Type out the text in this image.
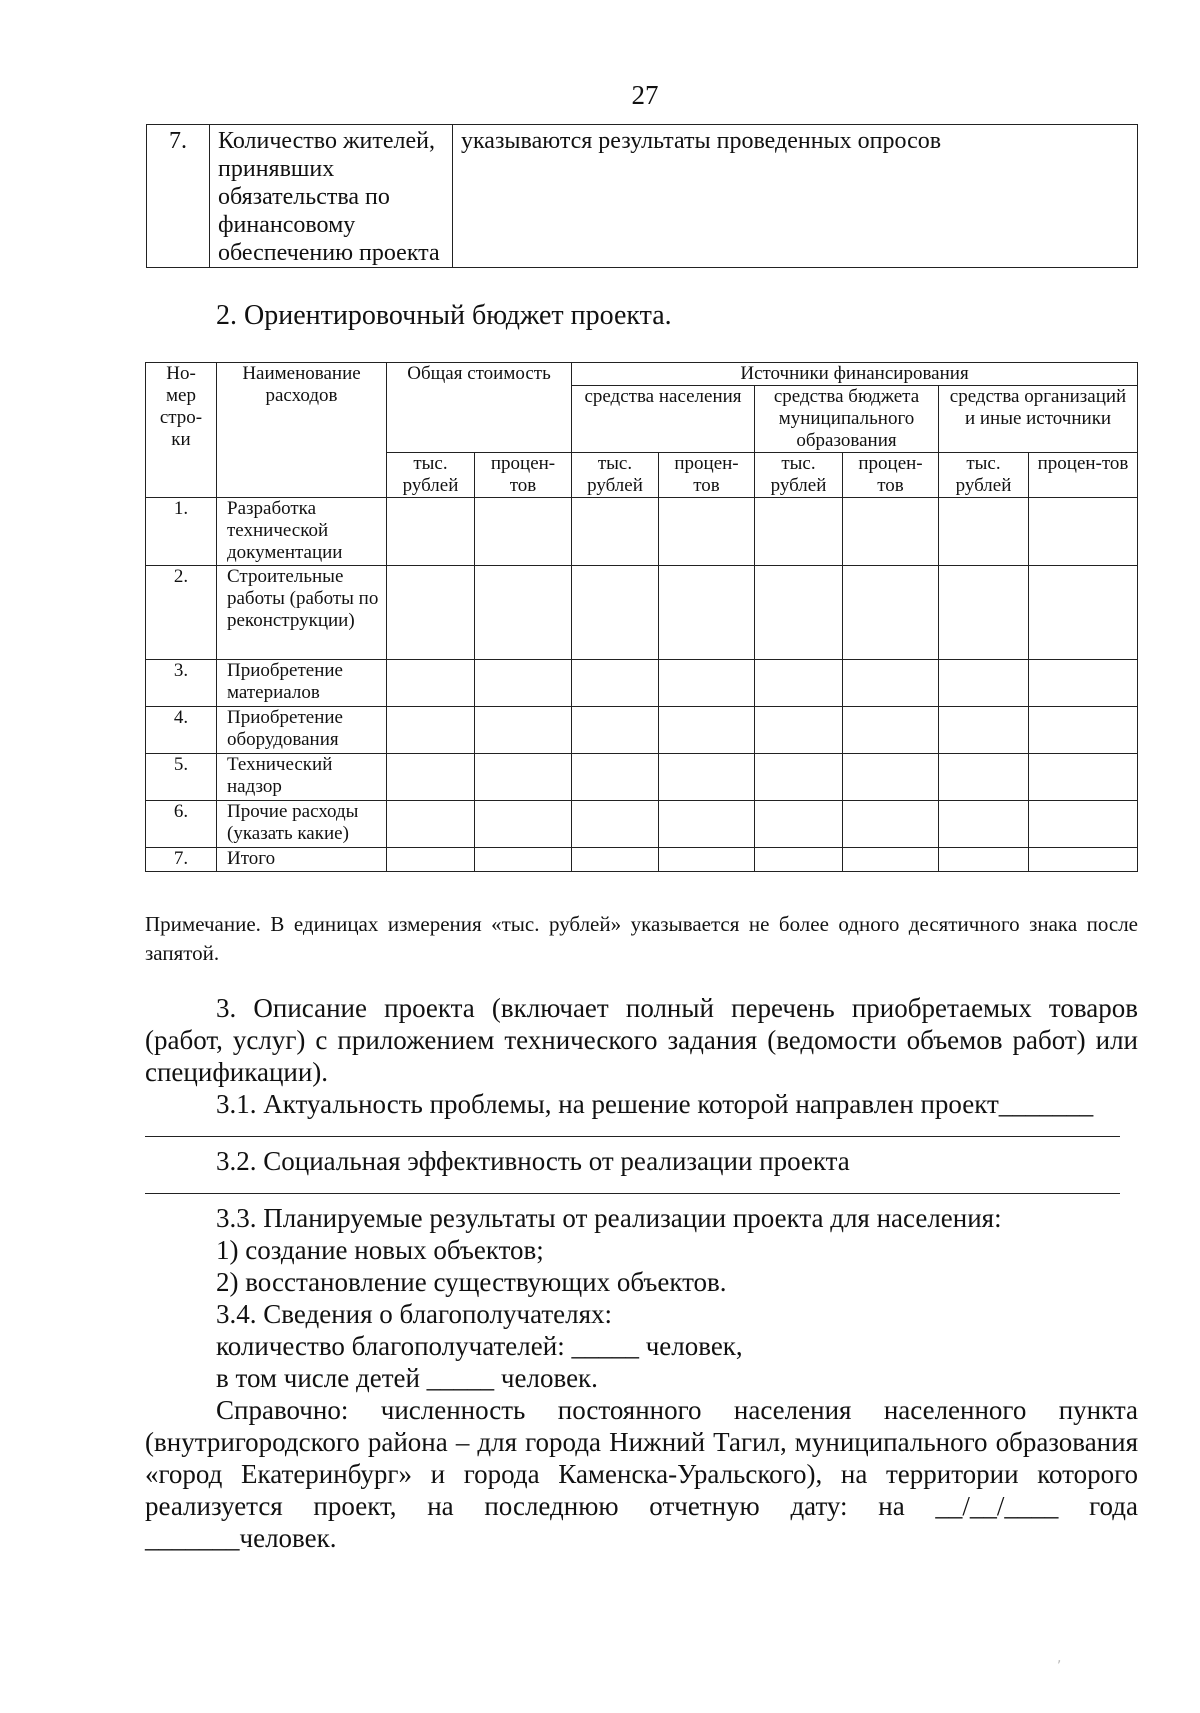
27
7.	Количество жителей, принявших обязательства по финансовому обеспечению проекта	указываются результаты проведенных опросов
2. Ориентировочный бюджет проекта.
Но-мер стро-ки	Наименование расходов	Общая стоимость		Источники финансирования					
				средства населения		средства бюджета муниципального образования		средства организаций и иные источники	
		тыс. рублей	процен-тов	тыс. рублей	процен-тов	тыс. рублей	процен-тов	тыс. рублей	процен-тов
1.	Разработка технической документации								
2.	Строительные работы (работы по реконструкции)								
3.	Приобретение материалов								
4.	Приобретение оборудования								
5.	Технический надзор								
6.	Прочие расходы (указать какие)								
7.	Итого								
Примечание. В единицах измерения «тыс. рублей» указывается не более одного десятичного знака после запятой.

3. Описание проекта (включает полный перечень приобретаемых товаров (работ, услуг) с приложением технического задания (ведомости объемов работ) или спецификации).

3.1. Актуальность проблемы, на решение которой направлен проект_______

3.2. Социальная эффективность от реализации проекта

3.3. Планируемые результаты от реализации проекта для населения:

1) создание новых объектов;

2) восстановление существующих объектов.

3.4. Сведения о благополучателях:

количество благополучателей: _____ человек,

в том числе детей _____ человек.

Справочно: численность постоянного населения населенного пункта (внутригородского района – для города Нижний Тагил, муниципального образования «город Екатеринбург» и города Каменска-Уральского), на территории которого реализуется проект, на последнюю отчетную дату: на __/__/____ года _______человек.

,
